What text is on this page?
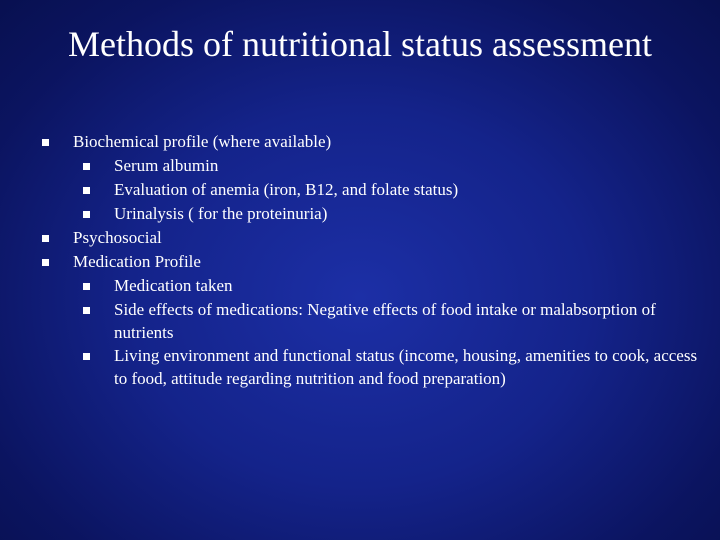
Methods of nutritional status assessment
Biochemical profile (where available)
Serum albumin
Evaluation of anemia (iron, B12, and folate status)
Urinalysis ( for the proteinuria)
Psychosocial
Medication Profile
Medication taken
Side effects of medications: Negative effects of food intake or malabsorption of nutrients
Living environment and functional status (income, housing, amenities to cook, access to food, attitude regarding nutrition and food preparation)
